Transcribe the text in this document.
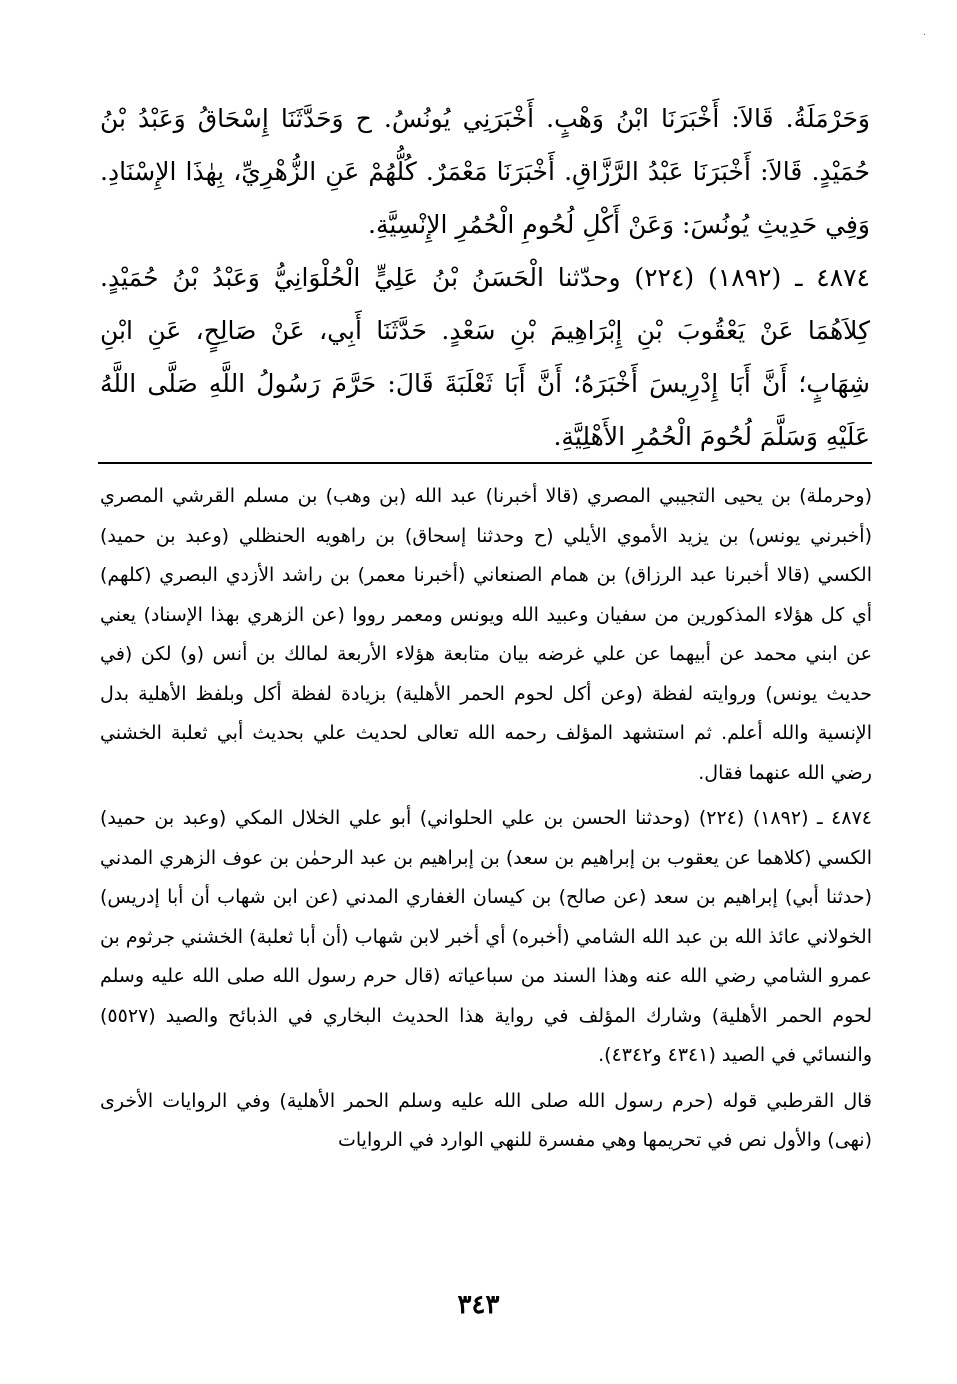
٠

وَحَرْمَلَةُ. قَالاَ: أَخْبَرَنَا ابْنُ وَهْبٍ. أَخْبَرَنِي يُونُسُ. ح وَحَدَّثَنَا إِسْحَاقُ وَعَبْدُ بْنُ حُمَيْدٍ. قَالاَ: أَخْبَرَنَا عَبْدُ الرَّزَّاقِ. أَخْبَرَنَا مَعْمَرٌ. كُلُّهُمْ عَنِ الزُّهْرِيِّ، بِهٰذَا الإِسْنَادِ. وَفِي حَدِيثِ يُونُسَ: وَعَنْ أَكْلِ لُحُومِ الْحُمُرِ الإِنْسِيَّةِ.

٤٨٧٤ ـ (١٨٩٢) (٢٢٤) وحدّثنا الْحَسَنُ بْنُ عَلِيٍّ الْحُلْوَانِيُّ وَعَبْدُ بْنُ حُمَيْدٍ. كِلاَهُمَا عَنْ يَعْقُوبَ بْنِ إِبْرَاهِيمَ بْنِ سَعْدٍ. حَدَّثَنَا أَبِي، عَنْ صَالِحٍ، عَنِ ابْنِ شِهَابٍ؛ أَنَّ أَبَا إِدْرِيسَ أَخْبَرَهُ؛ أَنَّ أَبَا ثَعْلَبَةَ قَالَ: حَرَّمَ رَسُولُ اللَّهِ صَلَّى اللَّهُ عَلَيْهِ وَسَلَّمَ لُحُومَ الْحُمُرِ الأَهْلِيَّةِ.

(وحرملة) بن يحيى التجيبي المصري (قالا أخبرنا) عبد الله (بن وهب) بن مسلم القرشي المصري (أخبرني يونس) بن يزيد الأموي الأيلي (ح وحدثنا إسحاق) بن راهويه الحنظلي (وعبد بن حميد) الكسي (قالا أخبرنا عبد الرزاق) بن همام الصنعاني (أخبرنا معمر) بن راشد الأزدي البصري (كلهم) أي كل هؤلاء المذكورين من سفيان وعبيد الله ويونس ومعمر رووا (عن الزهري بهذا الإسناد) يعني عن ابني محمد عن أبيهما عن علي غرضه بيان متابعة هؤلاء الأربعة لمالك بن أنس (و) لكن (في حديث يونس) وروايته لفظة (وعن أكل لحوم الحمر الأهلية) بزيادة لفظة أكل وبلفظ الأهلية بدل الإنسية والله أعلم. ثم استشهد المؤلف رحمه الله تعالى لحديث علي بحديث أبي ثعلبة الخشني رضي الله عنهما فقال.

٤٨٧٤ ـ (١٨٩٢) (٢٢٤) (وحدثنا الحسن بن علي الحلواني) أبو علي الخلال المكي (وعبد بن حميد) الكسي (كلاهما عن يعقوب بن إبراهيم بن سعد) بن إبراهيم بن عبد الرحمٰن بن عوف الزهري المدني (حدثنا أبي) إبراهيم بن سعد (عن صالح) بن كيسان الغفاري المدني (عن ابن شهاب أن أبا إدريس) الخولاني عائذ الله بن عبد الله الشامي (أخبره) أي أخبر لابن شهاب (أن أبا ثعلبة) الخشني جرثوم بن عمرو الشامي رضي الله عنه وهذا السند من سباعياته (قال حرم رسول الله صلى الله عليه وسلم لحوم الحمر الأهلية) وشارك المؤلف في رواية هذا الحديث البخاري في الذبائح والصيد (٥٥٢٧) والنسائي في الصيد (٤٣٤١ و٤٣٤٢).

قال القرطبي قوله (حرم رسول الله صلى الله عليه وسلم الحمر الأهلية) وفي الروايات الأخرى (نهى) والأول نص في تحريمها وهي مفسرة للنهي الوارد في الروايات

٣٤٣
